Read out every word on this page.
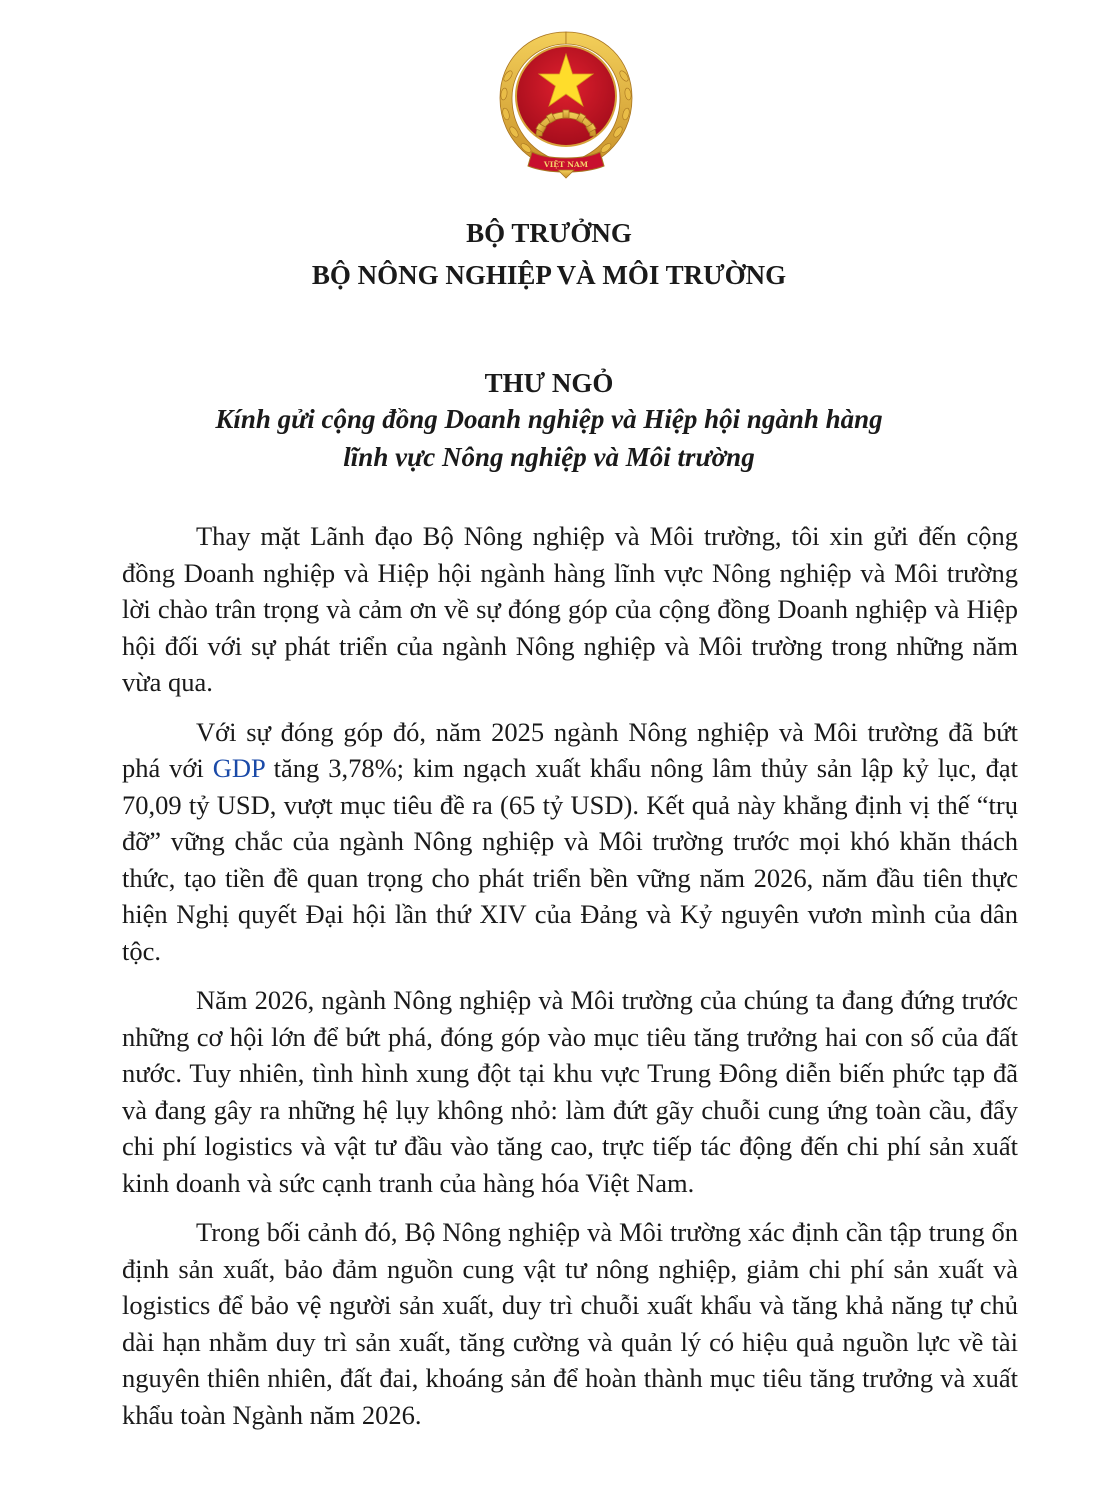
VIỆT NAM
BỘ TRƯỞNG
BỘ NÔNG NGHIỆP VÀ MÔI TRƯỜNG
THƯ NGỎ
Kính gửi cộng đồng Doanh nghiệp và Hiệp hội ngành hàng
lĩnh vực Nông nghiệp và Môi trường

Thay mặt Lãnh đạo Bộ Nông nghiệp và Môi trường, tôi xin gửi đến cộng đồng Doanh nghiệp và Hiệp hội ngành hàng lĩnh vực Nông nghiệp và Môi trường lời chào trân trọng và cảm ơn về sự đóng góp của cộng đồng Doanh nghiệp và Hiệp hội đối với sự phát triển của ngành Nông nghiệp và Môi trường trong những năm vừa qua.

Với sự đóng góp đó, năm 2025 ngành Nông nghiệp và Môi trường đã bứt phá với GDP tăng 3,78%; kim ngạch xuất khẩu nông lâm thủy sản lập kỷ lục, đạt 70,09 tỷ USD, vượt mục tiêu đề ra (65 tỷ USD). Kết quả này khẳng định vị thế “trụ đỡ” vững chắc của ngành Nông nghiệp và Môi trường trước mọi khó khăn thách thức, tạo tiền đề quan trọng cho phát triển bền vững năm 2026, năm đầu tiên thực hiện Nghị quyết Đại hội lần thứ XIV của Đảng và Kỷ nguyên vươn mình của dân tộc.

Năm 2026, ngành Nông nghiệp và Môi trường của chúng ta đang đứng trước những cơ hội lớn để bứt phá, đóng góp vào mục tiêu tăng trưởng hai con số của đất nước. Tuy nhiên, tình hình xung đột tại khu vực Trung Đông diễn biến phức tạp đã và đang gây ra những hệ lụy không nhỏ: làm đứt gãy chuỗi cung ứng toàn cầu, đẩy chi phí logistics và vật tư đầu vào tăng cao, trực tiếp tác động đến chi phí sản xuất kinh doanh và sức cạnh tranh của hàng hóa Việt Nam.

Trong bối cảnh đó, Bộ Nông nghiệp và Môi trường xác định cần tập trung ổn định sản xuất, bảo đảm nguồn cung vật tư nông nghiệp, giảm chi phí sản xuất và logistics để bảo vệ người sản xuất, duy trì chuỗi xuất khẩu và tăng khả năng tự chủ dài hạn nhằm duy trì sản xuất, tăng cường và quản lý có hiệu quả nguồn lực về tài nguyên thiên nhiên, đất đai, khoáng sản để hoàn thành mục tiêu tăng trưởng và xuất khẩu toàn Ngành năm 2026.
